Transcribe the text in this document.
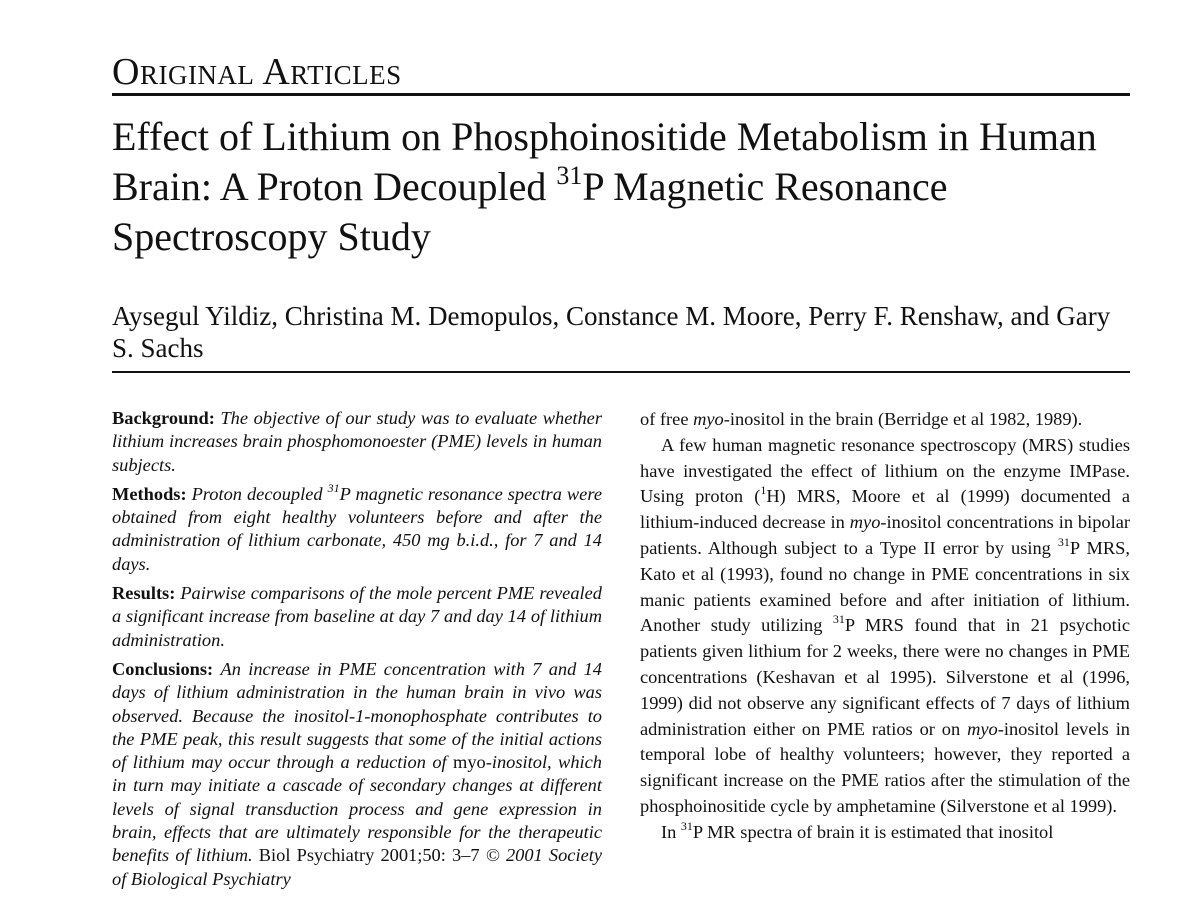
Original Articles
Effect of Lithium on Phosphoinositide Metabolism in Human Brain: A Proton Decoupled $^{31}$P Magnetic Resonance Spectroscopy Study

Aysegul Yildiz, Christina M. Demopulos, Constance M. Moore, Perry F. Renshaw, and Gary S. Sachs

Background: The objective of our study was to evaluate whether lithium increases brain phosphomonoester (PME) levels in human subjects.

Methods: Proton decoupled $^{31}$P magnetic resonance spectra were obtained from eight healthy volunteers before and after the administration of lithium carbonate, 450 mg b.i.d., for 7 and 14 days.

Results: Pairwise comparisons of the mole percent PME revealed a significant increase from baseline at day 7 and day 14 of lithium administration.

Conclusions: An increase in PME concentration with 7 and 14 days of lithium administration in the human brain in vivo was observed. Because the inositol-1-monophosphate contributes to the PME peak, this result suggests that some of the initial actions of lithium may occur through a reduction of myo-inositol, which in turn may initiate a cascade of secondary changes at different levels of signal transduction process and gene expression in brain, effects that are ultimately responsible for the therapeutic benefits of lithium. Biol Psychiatry 2001;50: 3–7 © 2001 Society of Biological Psychiatry

of free myo-inositol in the brain (Berridge et al 1982, 1989).

A few human magnetic resonance spectroscopy (MRS) studies have investigated the effect of lithium on the enzyme IMPase. Using proton ($^1$H) MRS, Moore et al (1999) documented a lithium-induced decrease in myo-inositol concentrations in bipolar patients. Although subject to a Type II error by using $^{31}$P MRS, Kato et al (1993), found no change in PME concentrations in six manic patients examined before and after initiation of lithium. Another study utilizing $^{31}$P MRS found that in 21 psychotic patients given lithium for 2 weeks, there were no changes in PME concentrations (Keshavan et al 1995). Silverstone et al (1996, 1999) did not observe any significant effects of 7 days of lithium administration either on PME ratios or on myo-inositol levels in temporal lobe of healthy volunteers; however, they reported a significant increase on the PME ratios after the stimulation of the phosphoinositide cycle by amphetamine (Silverstone et al 1999).

In $^{31}$P MR spectra of brain it is estimated that inositol
